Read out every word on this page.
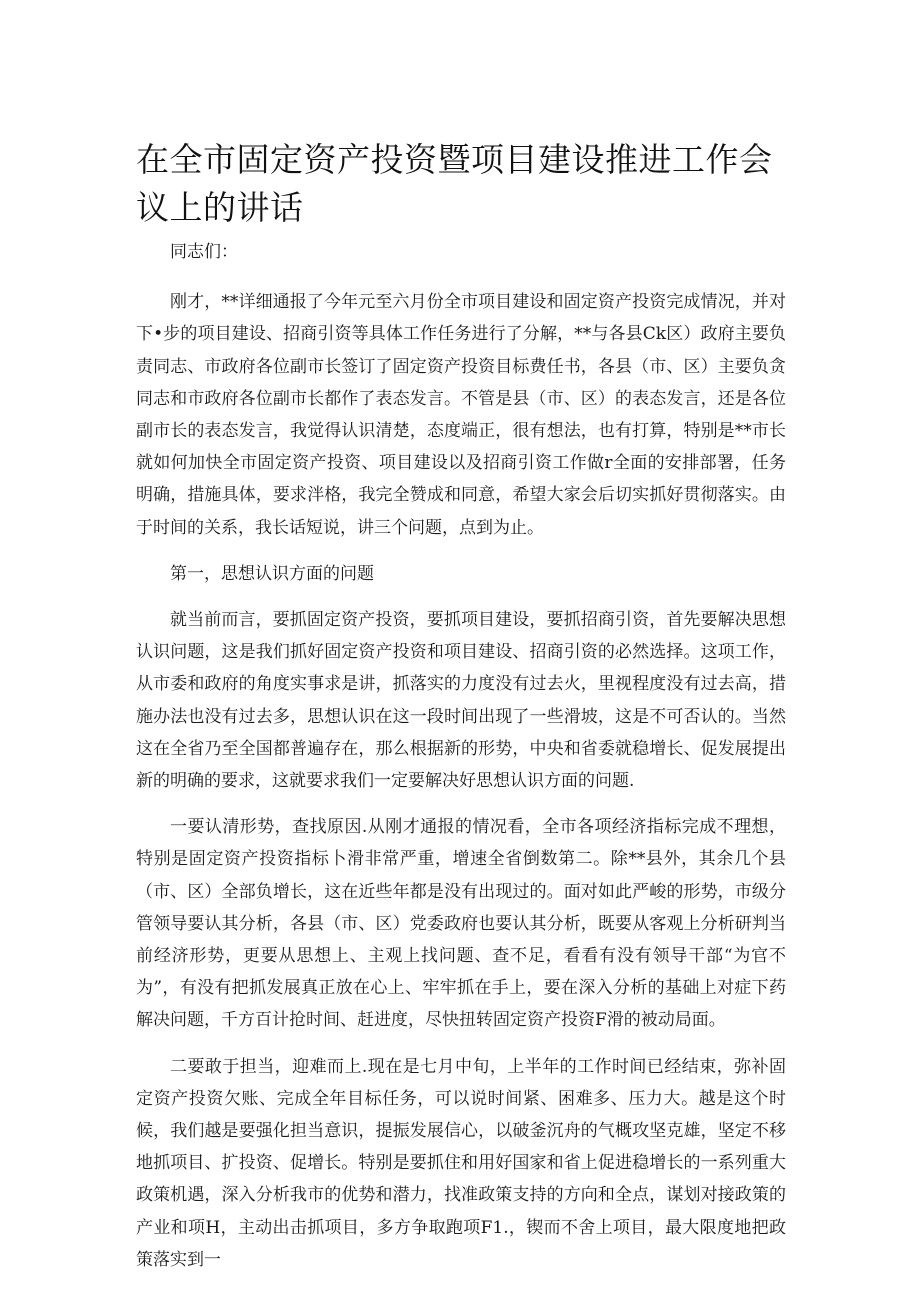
在全市固定资产投资暨项目建设推进工作会议上的讲话

同志们：

刚才，**详细通报了今年元至六月份全市项目建设和固定资产投资完成情况，并对下•步的项目建设、招商引资等具体工作任务进行了分解，**与各县Ck区）政府主要负责同志、市政府各位副市长签订了固定资产投资目标费任书，各县（市、区）主要负贪同志和市政府各位副市长都作了表态发言。不管是县（市、区）的表态发言，还是各位副市长的表态发言，我觉得认识清楚，态度端正，很有想法，也有打算，特别是**市长就如何加快全市固定资产投资、项目建设以及招商引资工作做r全面的安排部署，任务明确，措施具体，要求泮格，我完全赞成和同意，希望大家会后切实抓好贯彻落实。由于时间的关系，我长话短说，讲三个问题，点到为止。

第一，思想认识方面的问题

就当前而言，要抓固定资产投资，要抓项目建设，要抓招商引资，首先要解决思想认识问题，这是我们抓好固定资产投资和项目建设、招商引资的必然选择。这项工作，从市委和政府的角度实事求是讲，抓落实的力度没有过去火，里视程度没有过去高，措施办法也没有过去多，思想认识在这一段时间出现了一些滑坡，这是不可否认的。当然这在全省乃至全国都普遍存在，那么根据新的形势，中央和省委就稳增长、促发展提出新的明确的要求，这就要求我们一定要解决好思想认识方面的问题.

一要认清形势，查找原因.从刚才通报的情况看，全市各项经济指标完成不理想，特别是固定资产投资指标卜滑非常严重，增速全省倒数第二。除**县外，其余几个县（市、区）全部负增长，这在近些年都是没有出现过的。面对如此严峻的形势，市级分管领导要认其分析，各县（市、区）党委政府也要认其分析，既要从客观上分析研判当前经济形势，更要从思想上、主观上找问题、查不足，看看有没有领导干部“为官不为”，有没有把抓发展真正放在心上、牢牢抓在手上，要在深入分析的基础上对症下药解决问题，千方百计抢时间、赶进度，尽快扭转固定资产投资F滑的被动局面。

二要敢于担当，迎难而上.现在是七月中旬，上半年的工作时间已经结束，弥补固定资产投资欠账、完成全年目标任务，可以说时间紧、困难多、压力大。越是这个时候，我们越是要强化担当意识，提振发展信心，以破釜沉舟的气概攻坚克雄，坚定不移地抓项目、扩投资、促增长。特别是要抓住和用好国家和省上促进稳增长的一系列重大政策机遇，深入分析我市的优势和潜力，找准政策支持的方向和全点，谋划对接政策的产业和项H，主动出击抓项目，多方争取跑项F1.，锲而不舍上项目，最大限度地把政策落实到一
